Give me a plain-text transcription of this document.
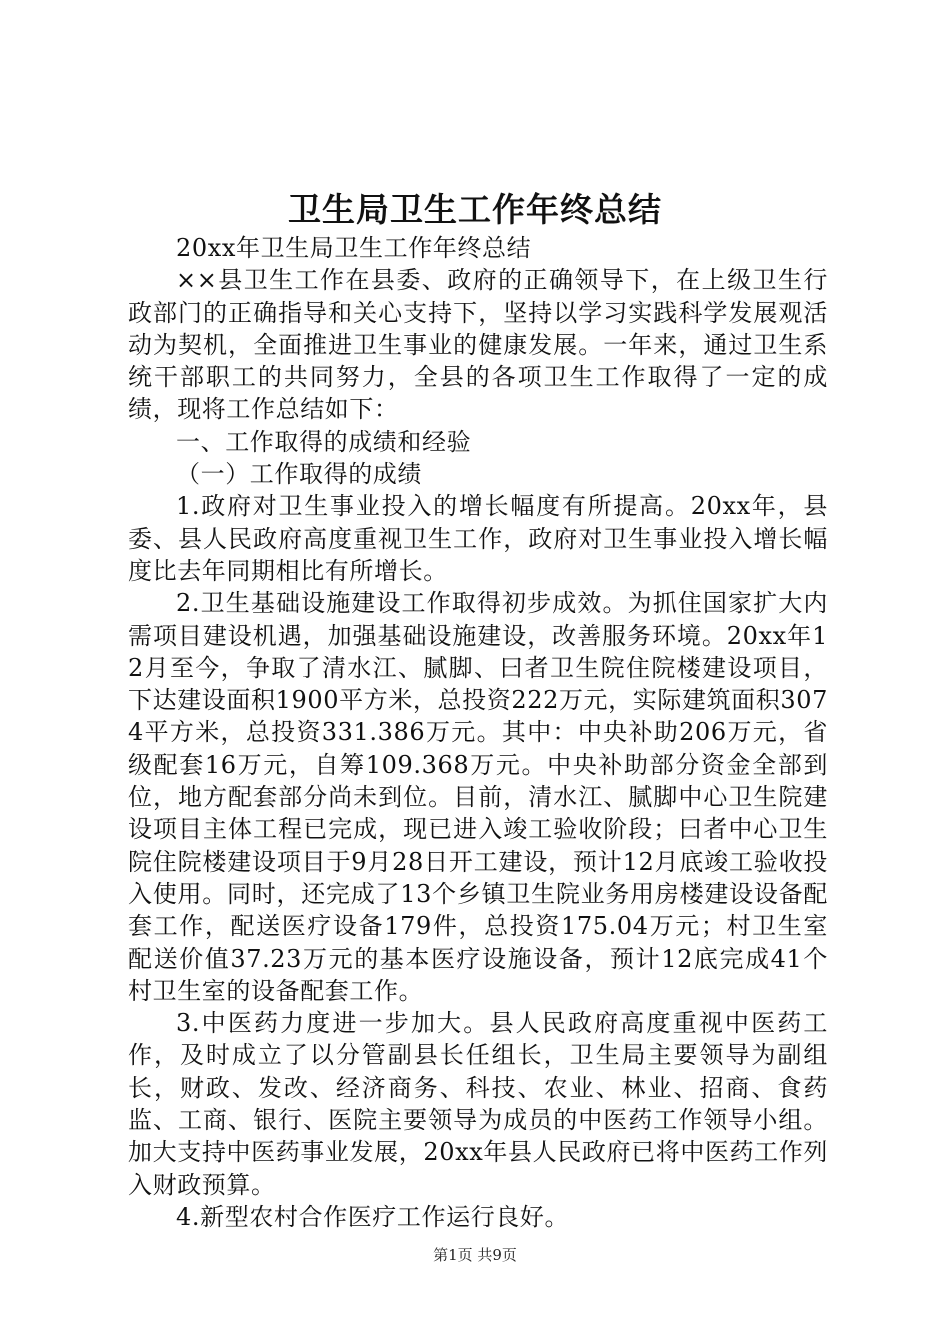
卫生局卫生工作年终总结

20xx年卫生局卫生工作年终总结

××县卫生工作在县委、政府的正确领导下，在上级卫生行政部门的正确指导和关心支持下，坚持以学习实践科学发展观活动为契机，全面推进卫生事业的健康发展。一年来，通过卫生系统干部职工的共同努力，全县的各项卫生工作取得了一定的成绩，现将工作总结如下：

一、工作取得的成绩和经验

（一）工作取得的成绩

1.政府对卫生事业投入的增长幅度有所提高。20xx年，县委、县人民政府高度重视卫生工作，政府对卫生事业投入增长幅度比去年同期相比有所增长。

2.卫生基础设施建设工作取得初步成效。为抓住国家扩大内需项目建设机遇，加强基础设施建设，改善服务环境。20xx年12月至今，争取了清水江、腻脚、曰者卫生院住院楼建设项目，下达建设面积1900平方米，总投资222万元，实际建筑面积3074平方米，总投资331.386万元。其中：中央补助206万元，省级配套16万元，自筹109.368万元。中央补助部分资金全部到位，地方配套部分尚未到位。目前，清水江、腻脚中心卫生院建设项目主体工程已完成，现已进入竣工验收阶段；曰者中心卫生院住院楼建设项目于9月28日开工建设，预计12月底竣工验收投入使用。同时，还完成了13个乡镇卫生院业务用房楼建设设备配套工作，配送医疗设备179件，总投资175.04万元；村卫生室配送价值37.23万元的基本医疗设施设备，预计12底完成41个村卫生室的设备配套工作。

3.中医药力度进一步加大。县人民政府高度重视中医药工作，及时成立了以分管副县长任组长，卫生局主要领导为副组长，财政、发改、经济商务、科技、农业、林业、招商、食药监、工商、银行、医院主要领导为成员的中医药工作领导小组。加大支持中医药事业发展，20xx年县人民政府已将中医药工作列入财政预算。

4.新型农村合作医疗工作运行良好。

第1页 共9页
